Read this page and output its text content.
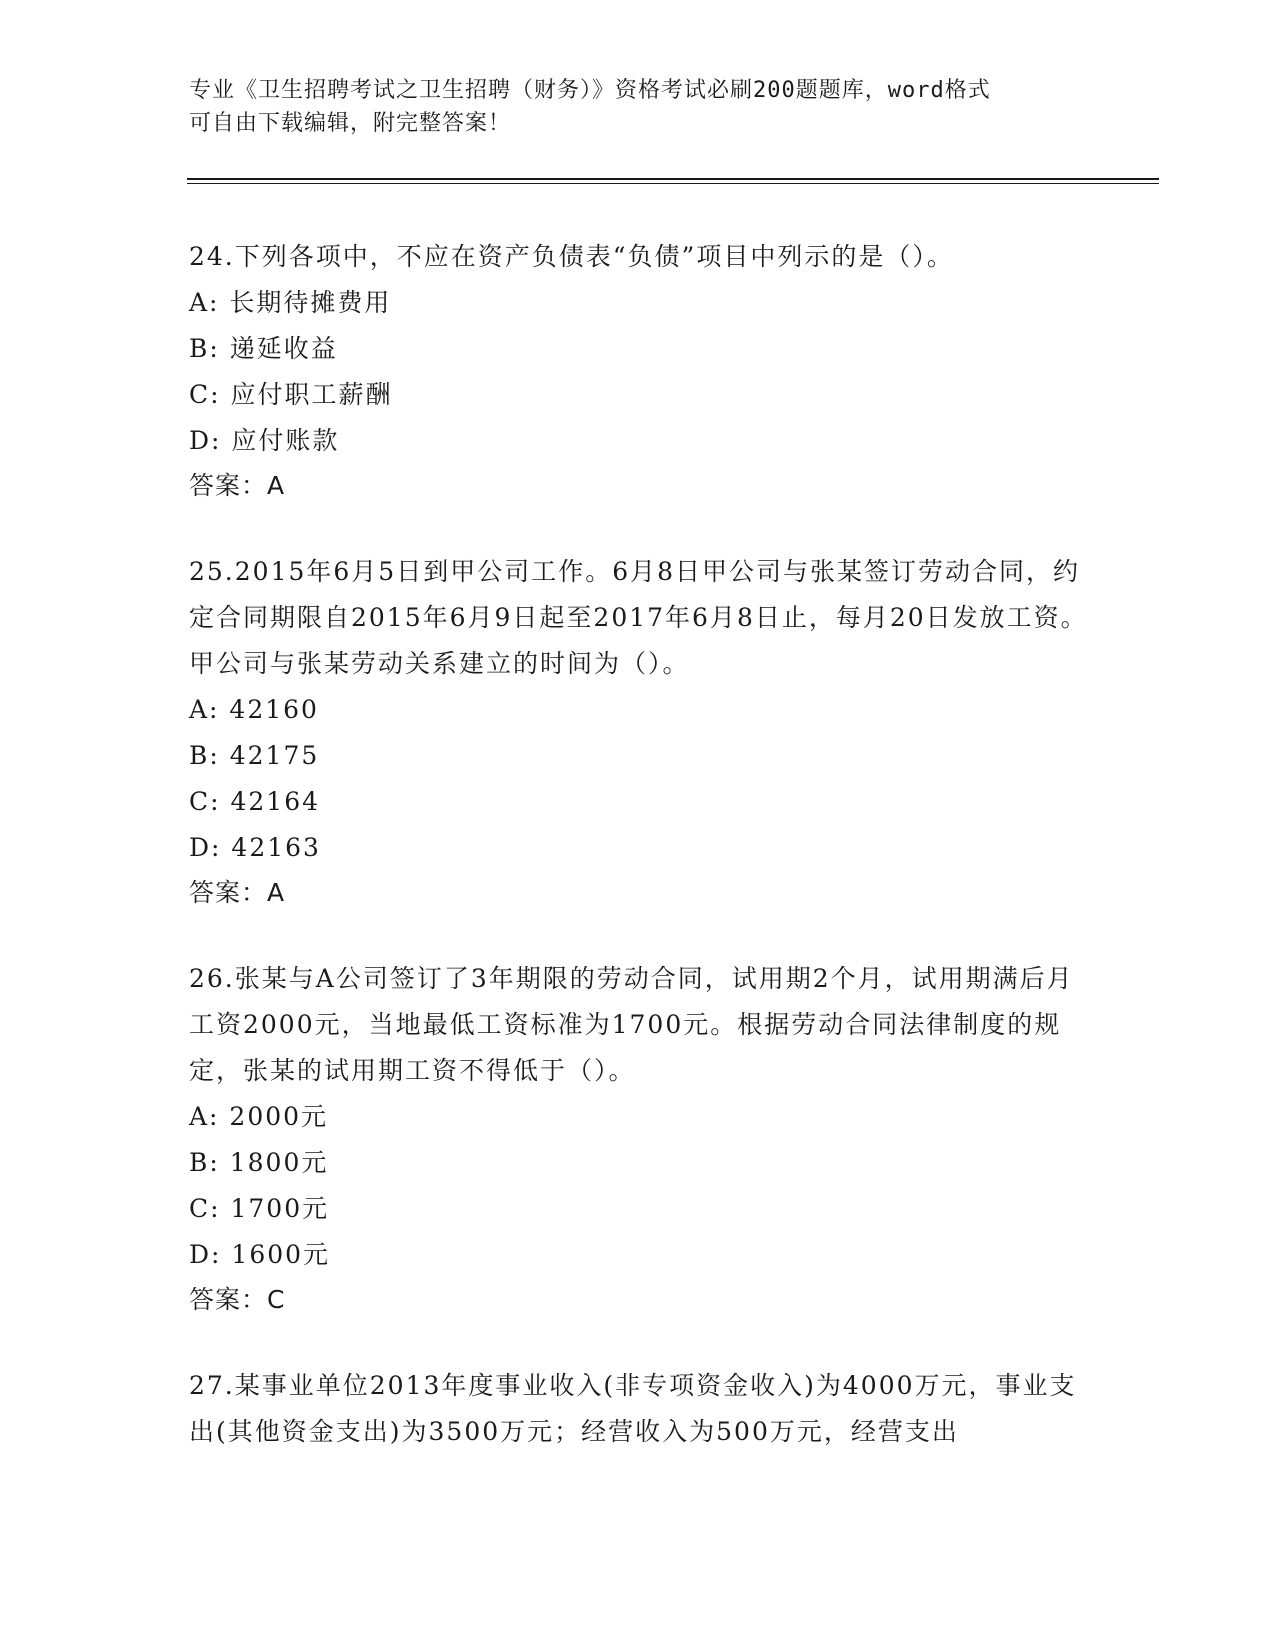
专业《卫生招聘考试之卫生招聘（财务）》资格考试必刷200题题库，word格式
可自由下载编辑，附完整答案！

24.下列各项中，不应在资产负债表“负债”项目中列示的是（）。

A: 长期待摊费用

B: 递延收益

C: 应付职工薪酬

D: 应付账款

答案：A

25.2015年6月5日到甲公司工作。6月8日甲公司与张某签订劳动合同，约定合同期限自2015年6月9日起至2017年6月8日止，每月20日发放工资。甲公司与张某劳动关系建立的时间为（）。

A: 42160

B: 42175

C: 42164

D: 42163

答案：A

26.张某与A公司签订了3年期限的劳动合同，试用期2个月，试用期满后月工资2000元，当地最低工资标准为1700元。根据劳动合同法律制度的规定，张某的试用期工资不得低于（）。

A: 2000元

B: 1800元

C: 1700元

D: 1600元

答案：C

27.某事业单位2013年度事业收入(非专项资金收入)为4000万元，事业支出(其他资金支出)为3500万元；经营收入为500万元，经营支出
